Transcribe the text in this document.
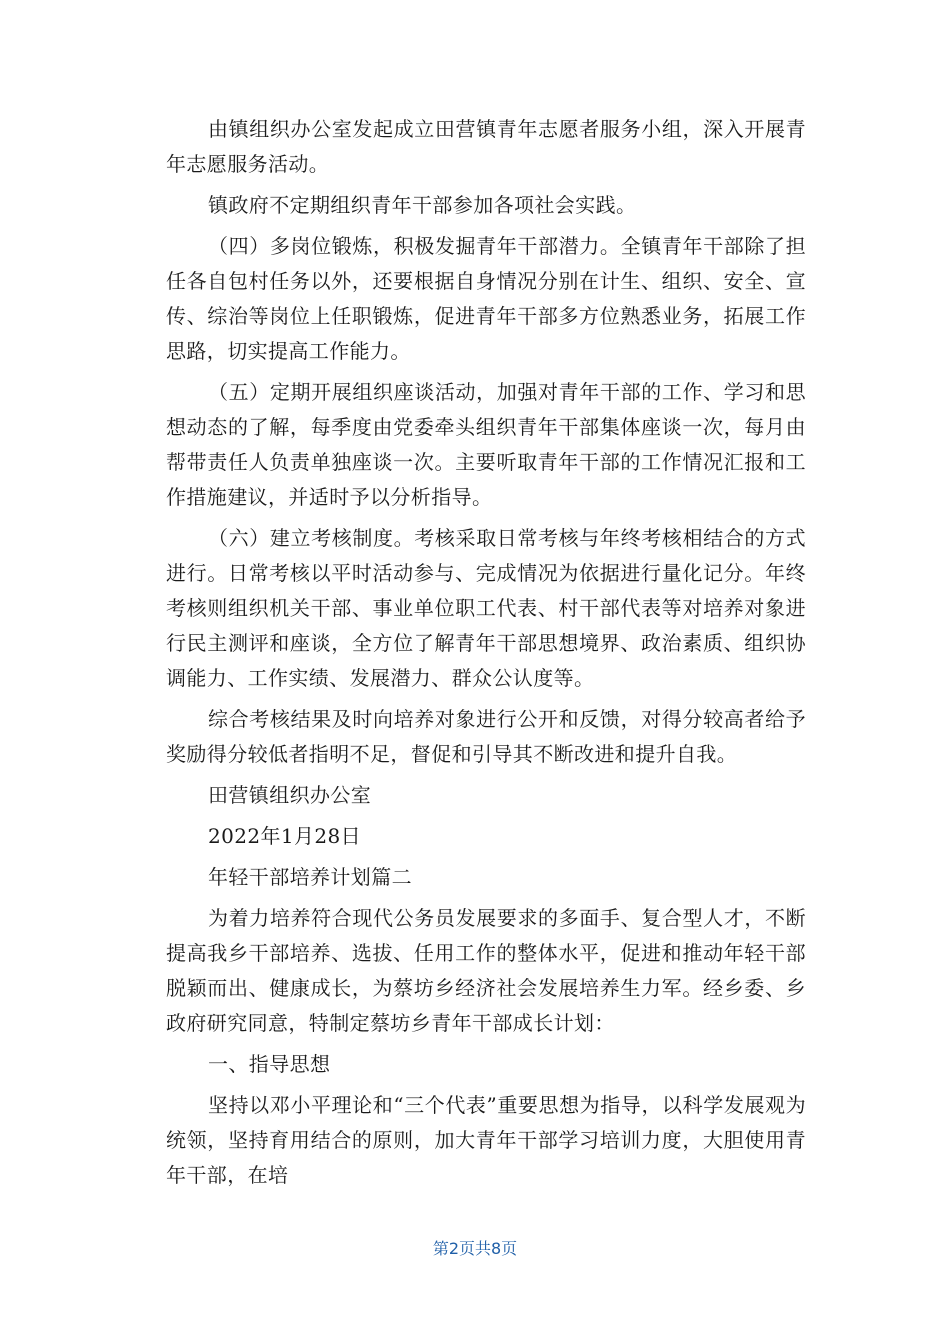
由镇组织办公室发起成立田营镇青年志愿者服务小组，深入开展青年志愿服务活动。

镇政府不定期组织青年干部参加各项社会实践。

（四）多岗位锻炼，积极发掘青年干部潜力。全镇青年干部除了担任各自包村任务以外，还要根据自身情况分别在计生、组织、安全、宣传、综治等岗位上任职锻炼，促进青年干部多方位熟悉业务，拓展工作思路，切实提高工作能力。

（五）定期开展组织座谈活动，加强对青年干部的工作、学习和思想动态的了解，每季度由党委牵头组织青年干部集体座谈一次，每月由帮带责任人负责单独座谈一次。主要听取青年干部的工作情况汇报和工作措施建议，并适时予以分析指导。

（六）建立考核制度。考核采取日常考核与年终考核相结合的方式进行。日常考核以平时活动参与、完成情况为依据进行量化记分。年终考核则组织机关干部、事业单位职工代表、村干部代表等对培养对象进行民主测评和座谈，全方位了解青年干部思想境界、政治素质、组织协调能力、工作实绩、发展潜力、群众公认度等。

综合考核结果及时向培养对象进行公开和反馈，对得分较高者给予奖励得分较低者指明不足，督促和引导其不断改进和提升自我。

田营镇组织办公室

2022年1月28日

年轻干部培养计划篇二

为着力培养符合现代公务员发展要求的多面手、复合型人才，不断提高我乡干部培养、选拔、任用工作的整体水平，促进和推动年轻干部脱颖而出、健康成长，为蔡坊乡经济社会发展培养生力军。经乡委、乡政府研究同意，特制定蔡坊乡青年干部成长计划：

一、指导思想

坚持以邓小平理论和“三个代表”重要思想为指导，以科学发展观为统领，坚持育用结合的原则，加大青年干部学习培训力度，大胆使用青年干部，在培

第2页共8页
